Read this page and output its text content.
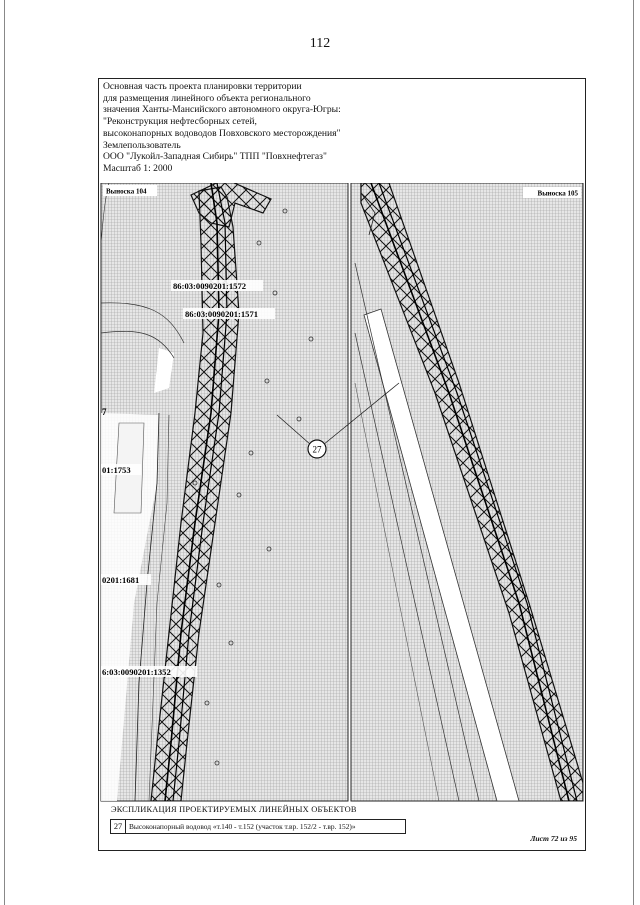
112
Основная часть проекта планировки территории
для размещения линейного объекта регионального
значения Ханты-Мансийского автономного округа-Югры:
"Реконструкция нефтесборных сетей,
высоконапорных водоводов Повховского месторождения"
Землепользователь
ООО "Лукойл-Западная Сибирь" ТПП "Повхнефтегаз"
Масштаб 1: 2000
27
Выноска 104	Выноска 105
86:03:0090201:1572
86:03:0090201:1571
01:1753
0201:1681
6:03:0090201:1352
7
ЭКСПЛИКАЦИЯ ПРОЕКТИРУЕМЫХ ЛИНЕЙНЫХ ОБЪЕКТОВ
27 Высоконапорный водовод «т.140 - т.152 (участок т.вр. 152/2 - т.вр. 152)»
Лист 72 из 95
